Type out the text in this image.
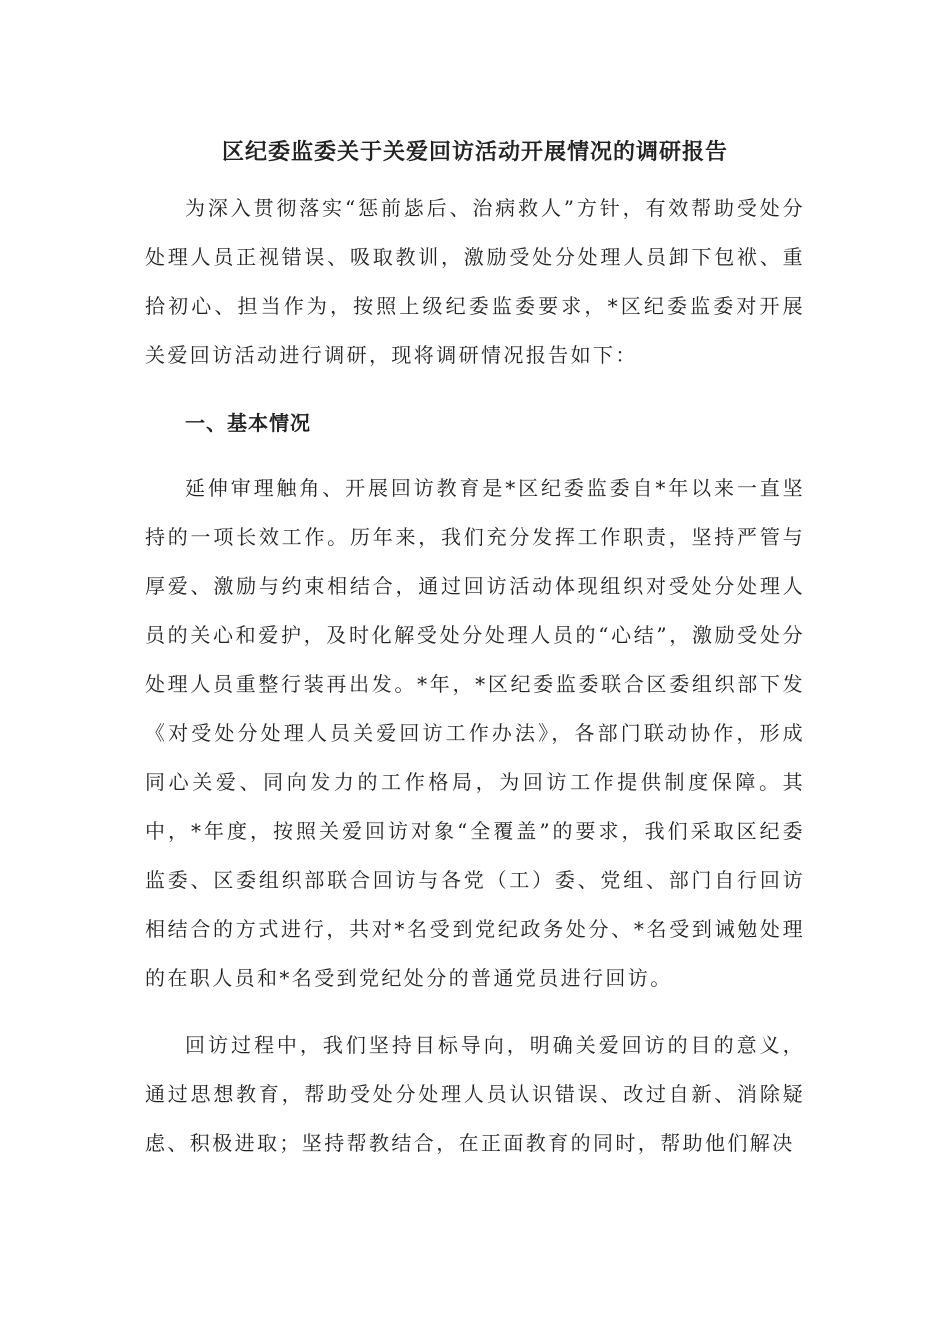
区纪委监委关于关爱回访活动开展情况的调研报告

为深入贯彻落实“惩前毖后、治病救人”方针，有效帮助受处分处理人员正视错误、吸取教训，激励受处分处理人员卸下包袱、重拾初心、担当作为，按照上级纪委监委要求，*区纪委监委对开展关爱回访活动进行调研，现将调研情况报告如下：

一、基本情况

延伸审理触角、开展回访教育是*区纪委监委自*年以来一直坚持的一项长效工作。历年来，我们充分发挥工作职责，坚持严管与厚爱、激励与约束相结合，通过回访活动体现组织对受处分处理人员的关心和爱护，及时化解受处分处理人员的“心结”，激励受处分处理人员重整行装再出发。*年，*区纪委监委联合区委组织部下发《对受处分处理人员关爱回访工作办法》，各部门联动协作，形成同心关爱、同向发力的工作格局，为回访工作提供制度保障。其中，*年度，按照关爱回访对象“全覆盖”的要求，我们采取区纪委监委、区委组织部联合回访与各党（工）委、党组、部门自行回访相结合的方式进行，共对*名受到党纪政务处分、*名受到诫勉处理的在职人员和*名受到党纪处分的普通党员进行回访。

回访过程中，我们坚持目标导向，明确关爱回访的目的意义，通过思想教育，帮助受处分处理人员认识错误、改过自新、消除疑虑、积极进取；坚持帮教结合，在正面教育的同时，帮助他们解决
